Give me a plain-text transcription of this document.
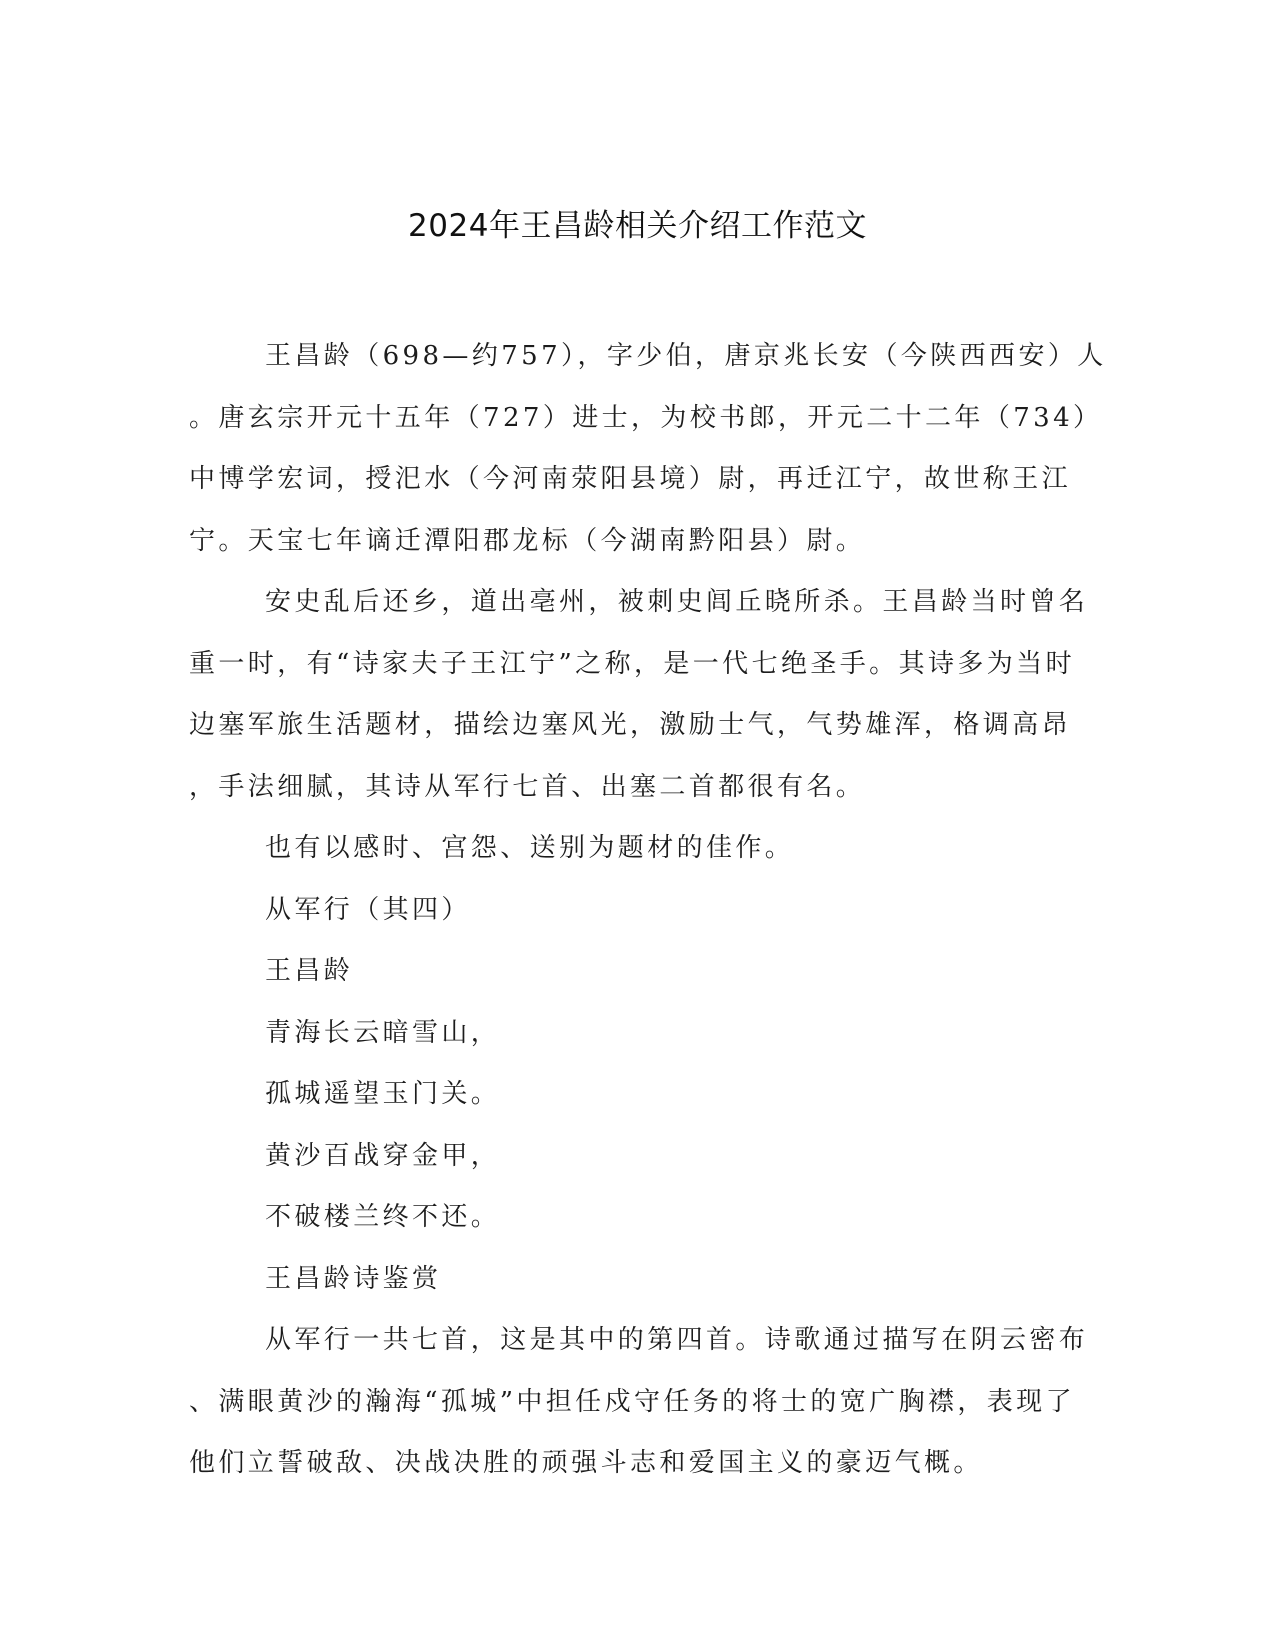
2024年王昌龄相关介绍工作范文
王昌龄（698—约757），字少伯，唐京兆长安（今陕西西安）人
。唐玄宗开元十五年（727）进士，为校书郎，开元二十二年（734）
中博学宏词，授汜水（今河南荥阳县境）尉，再迁江宁，故世称王江
宁。天宝七年谪迁潭阳郡龙标（今湖南黔阳县）尉。
安史乱后还乡，道出亳州，被刺史闾丘晓所杀。王昌龄当时曾名
重一时，有“诗家夫子王江宁”之称，是一代七绝圣手。其诗多为当时
边塞军旅生活题材，描绘边塞风光，激励士气，气势雄浑，格调高昂
，手法细腻，其诗从军行七首、出塞二首都很有名。
也有以感时、宫怨、送别为题材的佳作。
从军行（其四）
王昌龄
青海长云暗雪山，
孤城遥望玉门关。
黄沙百战穿金甲，
不破楼兰终不还。
王昌龄诗鉴赏
从军行一共七首，这是其中的第四首。诗歌通过描写在阴云密布
、满眼黄沙的瀚海“孤城”中担任戍守任务的将士的宽广胸襟，表现了
他们立誓破敌、决战决胜的顽强斗志和爱国主义的豪迈气概。
